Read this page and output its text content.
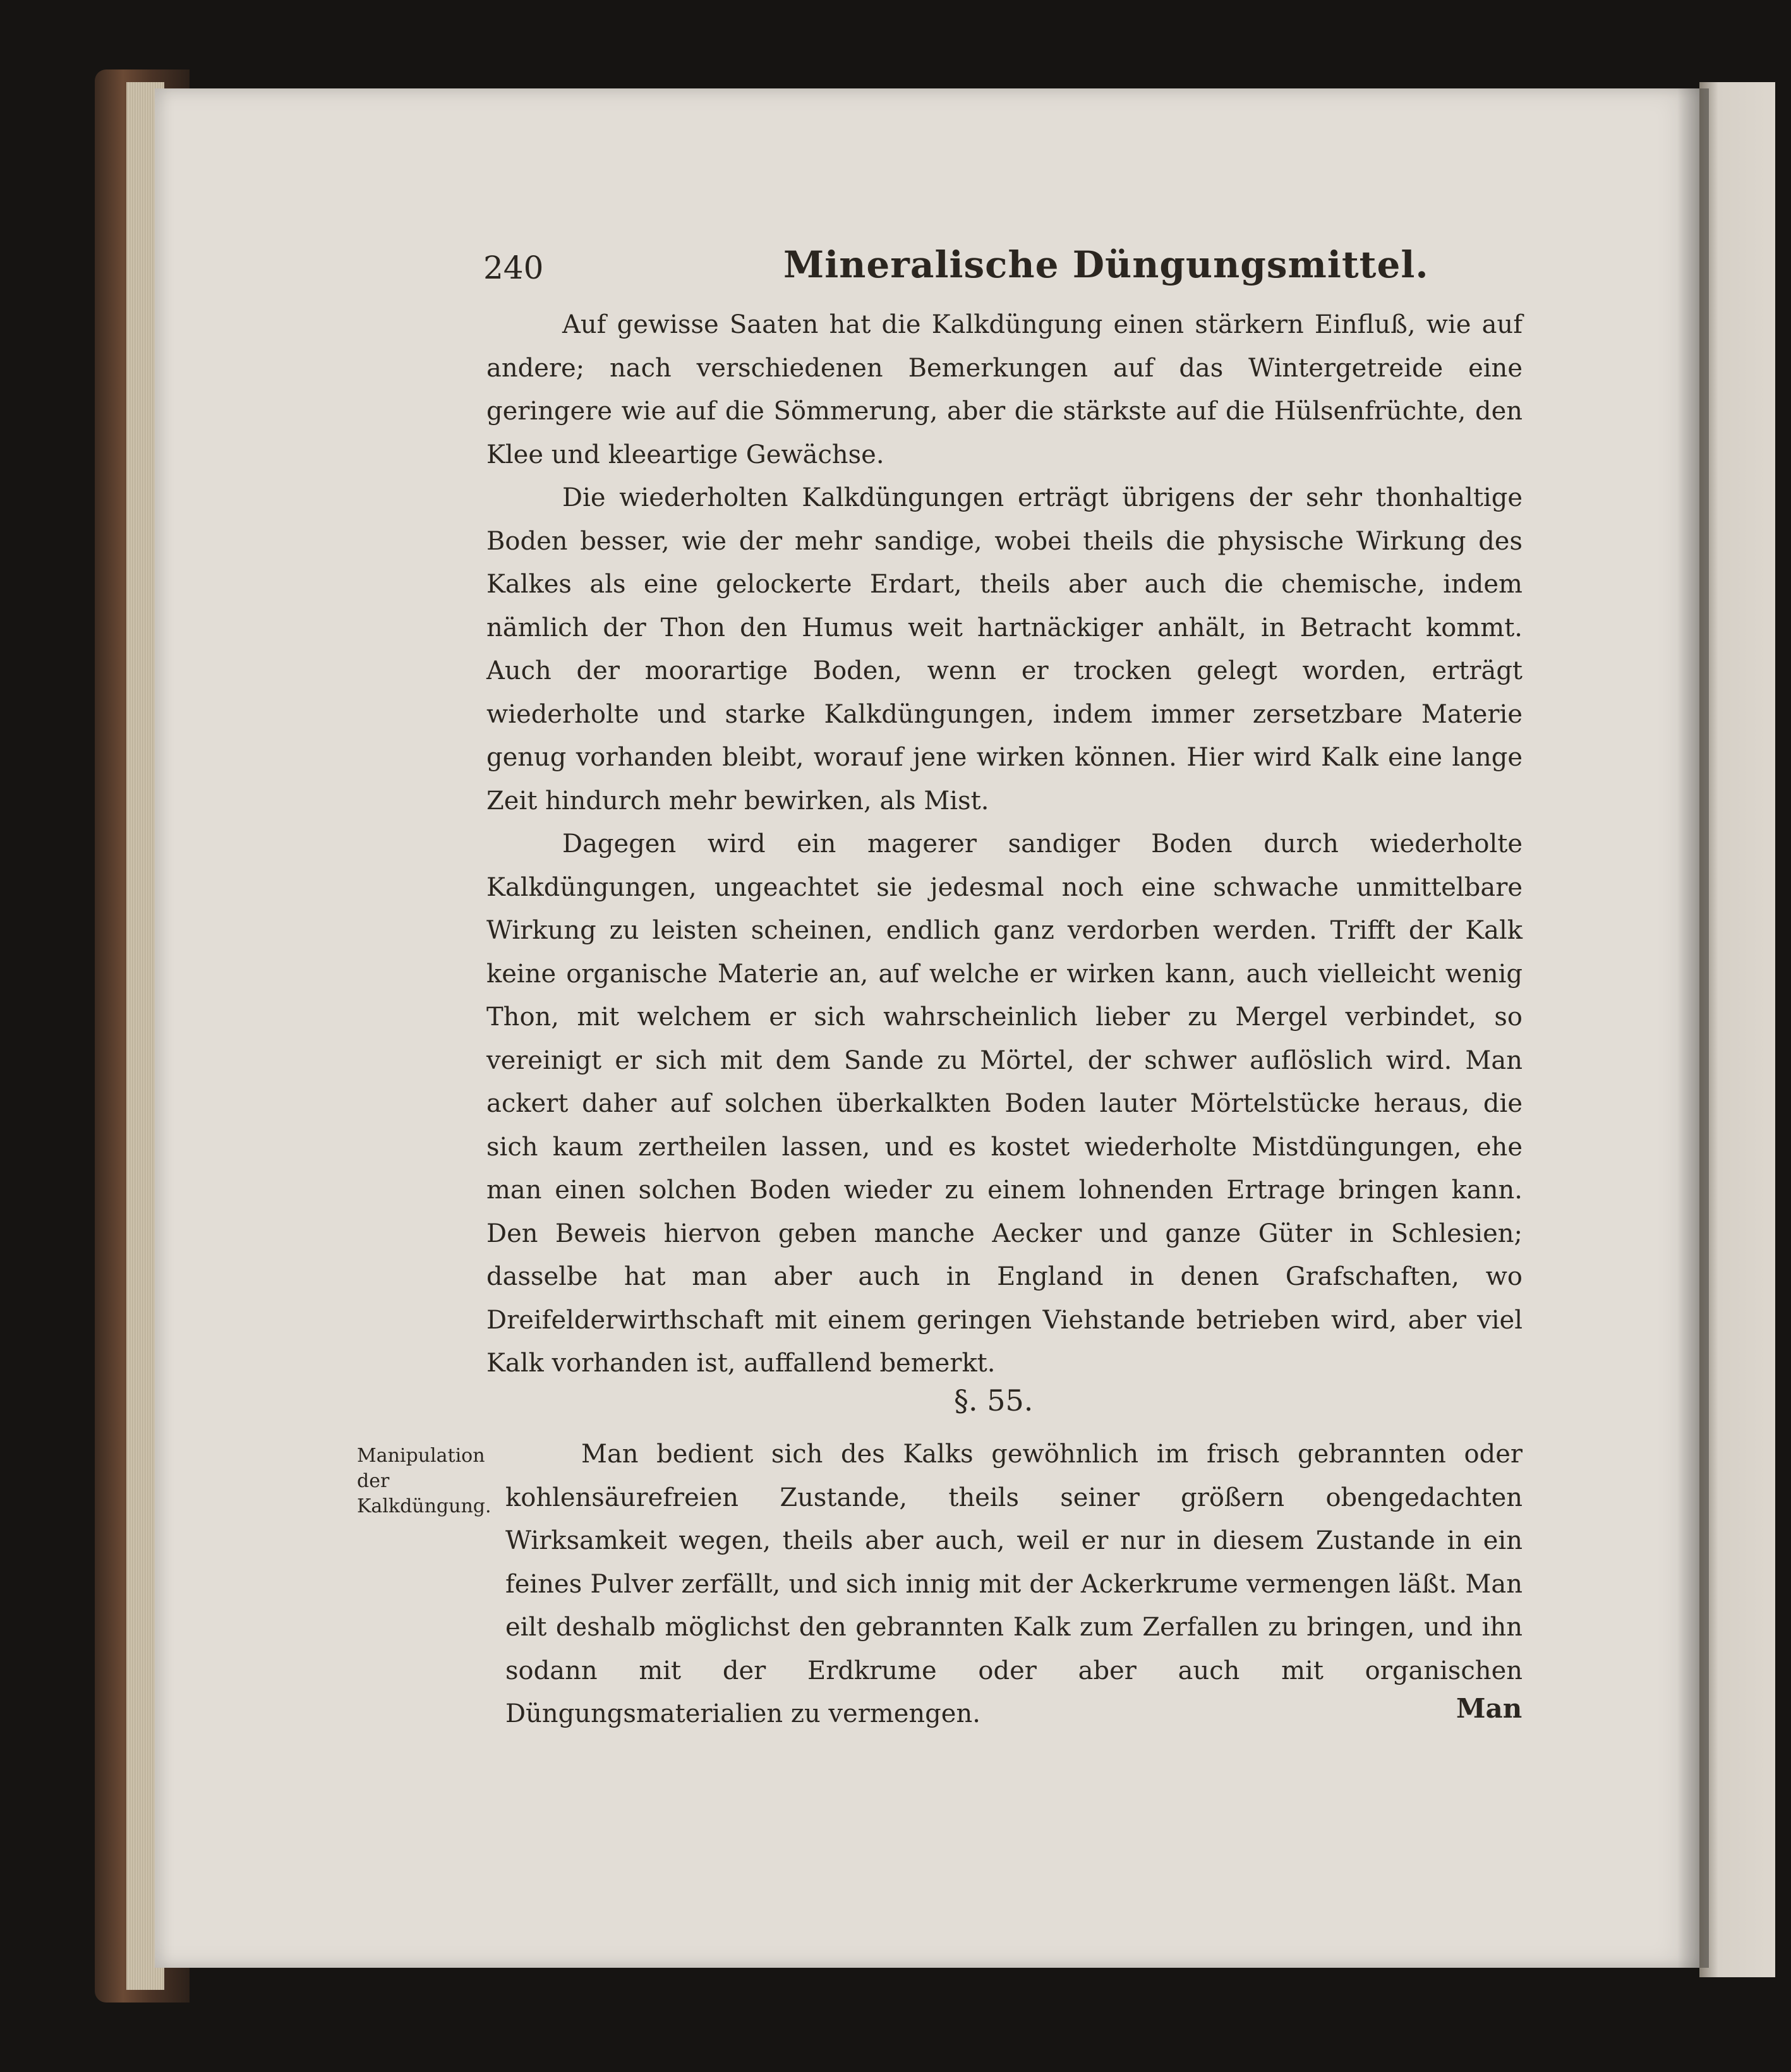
240	Mineralische Düngungsmittel.

Auf gewisse Saaten hat die Kalkdüngung einen stärkern Einfluß, wie auf andere; nach verschiedenen Bemerkungen auf das Wintergetreide eine geringere wie auf die Sömmerung, aber die stärkste auf die Hülsenfrüchte, den Klee und kleeartige Gewächse.

Die wiederholten Kalkdüngungen erträgt übrigens der sehr thonhaltige Boden besser, wie der mehr sandige, wobei theils die physische Wirkung des Kalkes als eine gelockerte Erdart, theils aber auch die chemische, indem nämlich der Thon den Humus weit hartnäckiger anhält, in Betracht kommt. Auch der moorartige Boden, wenn er trocken gelegt worden, erträgt wiederholte und starke Kalkdüngungen, indem immer zersetzbare Materie genug vorhanden bleibt, worauf jene wirken können. Hier wird Kalk eine lange Zeit hindurch mehr bewirken, als Mist.

Dagegen wird ein magerer sandiger Boden durch wiederholte Kalkdüngungen, ungeachtet sie jedesmal noch eine schwache unmittelbare Wirkung zu leisten scheinen, endlich ganz verdorben werden. Trifft der Kalk keine organische Materie an, auf welche er wirken kann, auch vielleicht wenig Thon, mit welchem er sich wahrscheinlich lieber zu Mergel verbindet, so vereinigt er sich mit dem Sande zu Mörtel, der schwer auflöslich wird. Man ackert daher auf solchen überkalkten Boden lauter Mörtelstücke heraus, die sich kaum zertheilen lassen, und es kostet wiederholte Mistdüngungen, ehe man einen solchen Boden wieder zu einem lohnenden Ertrage bringen kann. Den Beweis hiervon geben manche Aecker und ganze Güter in Schlesien; dasselbe hat man aber auch in England in denen Grafschaften, wo Dreifelderwirthschaft mit einem geringen Viehstande betrieben wird, aber viel Kalk vorhanden ist, auffallend bemerkt.

§. 55.
Manipulation der Kalkdüngung.

Man bedient sich des Kalks gewöhnlich im frisch gebrannten oder kohlensäurefreien Zustande, theils seiner größern obengedachten Wirksamkeit wegen, theils aber auch, weil er nur in diesem Zustande in ein feines Pulver zerfällt, und sich innig mit der Ackerkrume vermengen läßt. Man eilt deshalb möglichst den gebrannten Kalk zum Zerfallen zu bringen, und ihn sodann mit der Erdkrume oder aber auch mit organischen Düngungsmaterialien zu vermengen.	Man
